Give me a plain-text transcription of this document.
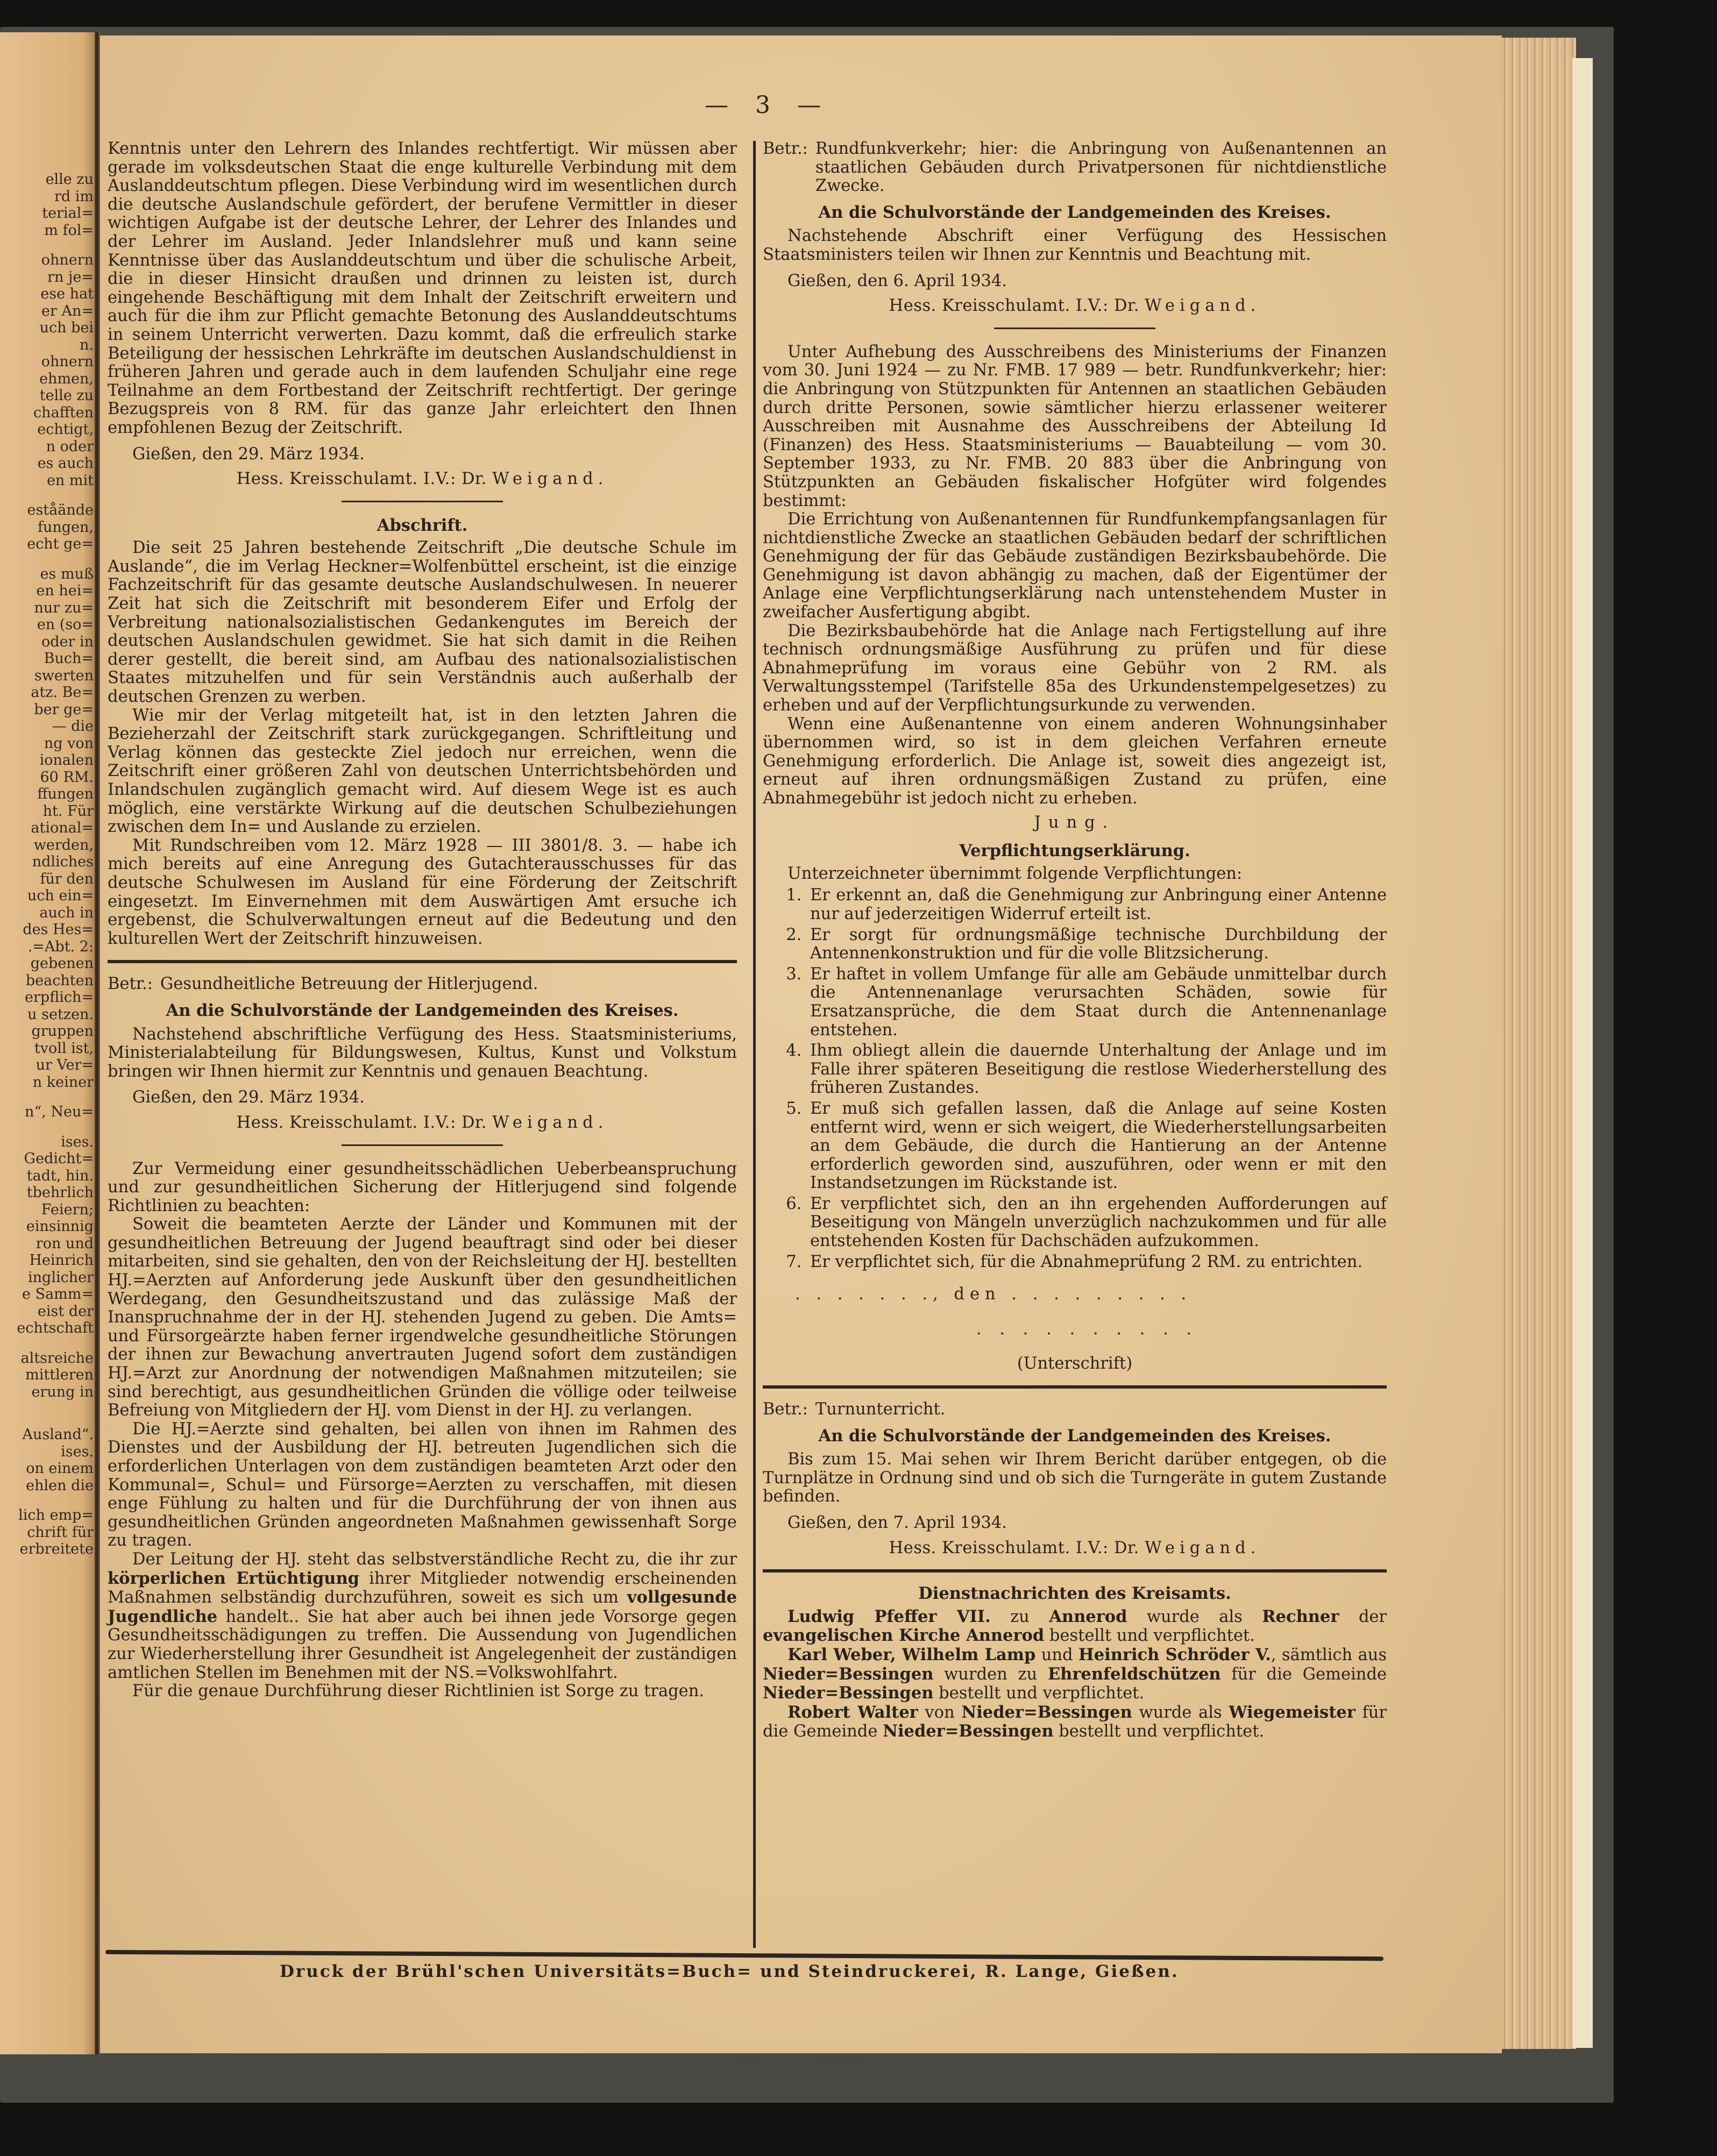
elle zu
rd im
terial=
m fol=
ohnern
rn je=
ese hat
er An=
uch bei
n.
ohnern
ehmen,
telle zu
chafften
echtigt,
n oder
es auch
en mit
eståände
fungen,
echt ge=
es muß
en hei=
nur zu=
en (so=
oder in
Buch=
swerten
atz. Be=
ber ge=
— die
ng von
ionalen
60 RM.
ffungen
ht. Für
ational=
werden,
ndliches
für den
uch ein=
auch in
des Hes=
.=Abt. 2:
gebenen
beachten
erpflich=
u setzen.
gruppen
tvoll ist,
ur Ver=
n keiner
n“, Neu=
ises.
Gedicht=
tadt, hin.
tbehrlich
Feiern;
einsinnig
ron und
Heinrich
inglicher
e Samm=
eist der
echtschaft
altsreiche
mittleren
erung in
Ausland“.
ises.
on einem
ehlen die
lich emp=
chrift für
erbreitete
— 3 —

Kenntnis unter den Lehrern des Inlandes rechtfertigt. Wir müssen aber gerade im volksdeutschen Staat die enge kulturelle Verbindung mit dem Auslanddeutschtum pflegen. Diese Verbindung wird im wesentlichen durch die deutsche Auslandschule gefördert, der berufene Vermittler in dieser wichtigen Aufgabe ist der deutsche Lehrer, der Lehrer des Inlandes und der Lehrer im Ausland. Jeder Inlandslehrer muß und kann seine Kenntnisse über das Auslanddeutschtum und über die schulische Arbeit, die in dieser Hinsicht draußen und drinnen zu leisten ist, durch eingehende Beschäftigung mit dem Inhalt der Zeitschrift erweitern und auch für die ihm zur Pflicht gemachte Betonung des Auslanddeutschtums in seinem Unterricht verwerten. Dazu kommt, daß die erfreulich starke Beteiligung der hessischen Lehrkräfte im deutschen Auslandschuldienst in früheren Jahren und gerade auch in dem laufenden Schuljahr eine rege Teilnahme an dem Fortbestand der Zeitschrift rechtfertigt. Der geringe Bezugspreis von 8 RM. für das ganze Jahr erleichtert den Ihnen empfohlenen Bezug der Zeitschrift.

Gießen, den 29. März 1934.

Hess. Kreisschulamt. I.V.: Dr. Weigand.

Abschrift.

Die seit 25 Jahren bestehende Zeitschrift „Die deutsche Schule im Auslande“, die im Verlag Heckner=Wolfenbüttel erscheint, ist die einzige Fachzeitschrift für das gesamte deutsche Auslandschulwesen. In neuerer Zeit hat sich die Zeitschrift mit besonderem Eifer und Erfolg der Verbreitung nationalsozialistischen Gedankengutes im Bereich der deutschen Auslandschulen gewidmet. Sie hat sich damit in die Reihen derer gestellt, die bereit sind, am Aufbau des nationalsozialistischen Staates mitzuhelfen und für sein Verständnis auch außerhalb der deutschen Grenzen zu werben.

Wie mir der Verlag mitgeteilt hat, ist in den letzten Jahren die Bezieherzahl der Zeitschrift stark zurückgegangen. Schriftleitung und Verlag können das gesteckte Ziel jedoch nur erreichen, wenn die Zeitschrift einer größeren Zahl von deutschen Unterrichtsbehörden und Inlandschulen zugänglich gemacht wird. Auf diesem Wege ist es auch möglich, eine verstärkte Wirkung auf die deutschen Schulbeziehungen zwischen dem In= und Auslande zu erzielen.

Mit Rundschreiben vom 12. März 1928 — III 3801/8. 3. — habe ich mich bereits auf eine Anregung des Gutachterausschusses für das deutsche Schulwesen im Ausland für eine Förderung der Zeitschrift eingesetzt. Im Einvernehmen mit dem Auswärtigen Amt ersuche ich ergebenst, die Schulverwaltungen erneut auf die Bedeutung und den kulturellen Wert der Zeitschrift hinzuweisen.

Betr.: Gesundheitliche Betreuung der Hitlerjugend.

An die Schulvorstände der Landgemeinden des Kreises.

Nachstehend abschriftliche Verfügung des Hess. Staatsministeriums, Ministerialabteilung für Bildungswesen, Kultus, Kunst und Volkstum bringen wir Ihnen hiermit zur Kenntnis und genauen Beachtung.

Gießen, den 29. März 1934.

Hess. Kreisschulamt. I.V.: Dr. Weigand.

Zur Vermeidung einer gesundheitsschädlichen Ueberbeanspruchung und zur gesundheitlichen Sicherung der Hitlerjugend sind folgende Richtlinien zu beachten:

Soweit die beamteten Aerzte der Länder und Kommunen mit der gesundheitlichen Betreuung der Jugend beauftragt sind oder bei dieser mitarbeiten, sind sie gehalten, den von der Reichsleitung der HJ. bestellten HJ.=Aerzten auf Anforderung jede Auskunft über den gesundheitlichen Werdegang, den Gesundheitszustand und das zulässige Maß der Inanspruchnahme der in der HJ. stehenden Jugend zu geben. Die Amts= und Fürsorgeärzte haben ferner irgendwelche gesundheitliche Störungen der ihnen zur Bewachung anvertrauten Jugend sofort dem zuständigen HJ.=Arzt zur Anordnung der notwendigen Maßnahmen mitzuteilen; sie sind berechtigt, aus gesundheitlichen Gründen die völlige oder teilweise Befreiung von Mitgliedern der HJ. vom Dienst in der HJ. zu verlangen.

Die HJ.=Aerzte sind gehalten, bei allen von ihnen im Rahmen des Dienstes und der Ausbildung der HJ. betreuten Jugendlichen sich die erforderlichen Unterlagen von dem zuständigen beamteten Arzt oder den Kommunal=, Schul= und Fürsorge=Aerzten zu verschaffen, mit diesen enge Fühlung zu halten und für die Durchführung der von ihnen aus gesundheitlichen Gründen angeordneten Maßnahmen gewissenhaft Sorge zu tragen.

Der Leitung der HJ. steht das selbstverständliche Recht zu, die ihr zur körperlichen Ertüchtigung ihrer Mitglieder notwendig erscheinenden Maßnahmen selbständig durchzuführen, soweit es sich um vollgesunde Jugendliche handelt.. Sie hat aber auch bei ihnen jede Vorsorge gegen Gesundheitsschädigungen zu treffen. Die Aussendung von Jugendlichen zur Wiederherstellung ihrer Gesundheit ist Angelegenheit der zuständigen amtlichen Stellen im Benehmen mit der NS.=Volkswohlfahrt.

Für die genaue Durchführung dieser Richtlinien ist Sorge zu tragen.

Betr.: Rundfunkverkehr; hier: die Anbringung von Außenantennen an staatlichen Gebäuden durch Privatpersonen für nichtdienstliche Zwecke.

An die Schulvorstände der Landgemeinden des Kreises.

Nachstehende Abschrift einer Verfügung des Hessischen Staatsministers teilen wir Ihnen zur Kenntnis und Beachtung mit.

Gießen, den 6. April 1934.

Hess. Kreisschulamt. I.V.: Dr. Weigand.

Unter Aufhebung des Ausschreibens des Ministeriums der Finanzen vom 30. Juni 1924 — zu Nr. FMB. 17 989 — betr. Rundfunkverkehr; hier: die Anbringung von Stützpunkten für Antennen an staatlichen Gebäuden durch dritte Personen, sowie sämtlicher hierzu erlassener weiterer Ausschreiben mit Ausnahme des Ausschreibens der Abteilung Id (Finanzen) des Hess. Staatsministeriums — Bauabteilung — vom 30. September 1933, zu Nr. FMB. 20 883 über die Anbringung von Stützpunkten an Gebäuden fiskalischer Hofgüter wird folgendes bestimmt:

Die Errichtung von Außenantennen für Rundfunkempfangsanlagen für nichtdienstliche Zwecke an staatlichen Gebäuden bedarf der schriftlichen Genehmigung der für das Gebäude zuständigen Bezirksbaubehörde. Die Genehmigung ist davon abhängig zu machen, daß der Eigentümer der Anlage eine Verpflichtungserklärung nach untenstehendem Muster in zweifacher Ausfertigung abgibt.

Die Bezirksbaubehörde hat die Anlage nach Fertigstellung auf ihre technisch ordnungsmäßige Ausführung zu prüfen und für diese Abnahmeprüfung im voraus eine Gebühr von 2 RM. als Verwaltungsstempel (Tarifstelle 85a des Urkundenstempelgesetzes) zu erheben und auf der Verpflichtungsurkunde zu verwenden.

Wenn eine Außenantenne von einem anderen Wohnungsinhaber übernommen wird, so ist in dem gleichen Verfahren erneute Genehmigung erforderlich. Die Anlage ist, soweit dies angezeigt ist, erneut auf ihren ordnungsmäßigen Zustand zu prüfen, eine Abnahmegebühr ist jedoch nicht zu erheben.

Jung.

Verpflichtungserklärung.

Unterzeichneter übernimmt folgende Verpflichtungen:

1. Er erkennt an, daß die Genehmigung zur Anbringung einer Antenne nur auf jederzeitigen Widerruf erteilt ist.
2. Er sorgt für ordnungsmäßige technische Durchbildung der Antennenkonstruktion und für die volle Blitzsicherung.
3. Er haftet in vollem Umfange für alle am Gebäude unmittelbar durch die Antennenanlage verursachten Schäden, sowie für Ersatzansprüche, die dem Staat durch die Antennenanlage entstehen.
4. Ihm obliegt allein die dauernde Unterhaltung der Anlage und im Falle ihrer späteren Beseitigung die restlose Wiederherstellung des früheren Zustandes.
5. Er muß sich gefallen lassen, daß die Anlage auf seine Kosten entfernt wird, wenn er sich weigert, die Wiederherstellungsarbeiten an dem Gebäude, die durch die Hantierung an der Antenne erforderlich geworden sind, auszuführen, oder wenn er mit den Instandsetzungen im Rückstande ist.
6. Er verpflichtet sich, den an ihn ergehenden Aufforderungen auf Beseitigung von Mängeln unverzüglich nachzukommen und für alle entstehenden Kosten für Dachschäden aufzukommen.
7. Er verpflichtet sich, für die Abnahmeprüfung 2 RM. zu entrichten.

. . . . . . ., den . . . . . . . . .

. . . . . . . . . .

(Unterschrift)

Betr.: Turnunterricht.

An die Schulvorstände der Landgemeinden des Kreises.

Bis zum 15. Mai sehen wir Ihrem Bericht darüber entgegen, ob die Turnplätze in Ordnung sind und ob sich die Turngeräte in gutem Zustande befinden.

Gießen, den 7. April 1934.

Hess. Kreisschulamt. I.V.: Dr. Weigand.

Dienstnachrichten des Kreisamts.

Ludwig Pfeffer VII. zu Annerod wurde als Rechner der evangelischen Kirche Annerod bestellt und verpflichtet.

Karl Weber, Wilhelm Lamp und Heinrich Schröder V., sämtlich aus Nieder=Bessingen wurden zu Ehrenfeldschützen für die Gemeinde Nieder=Bessingen bestellt und verpflichtet.

Robert Walter von Nieder=Bessingen wurde als Wiegemeister für die Gemeinde Nieder=Bessingen bestellt und verpflichtet.

Druck der Brühl'schen Universitäts=Buch= und Steindruckerei, R. Lange, Gießen.
